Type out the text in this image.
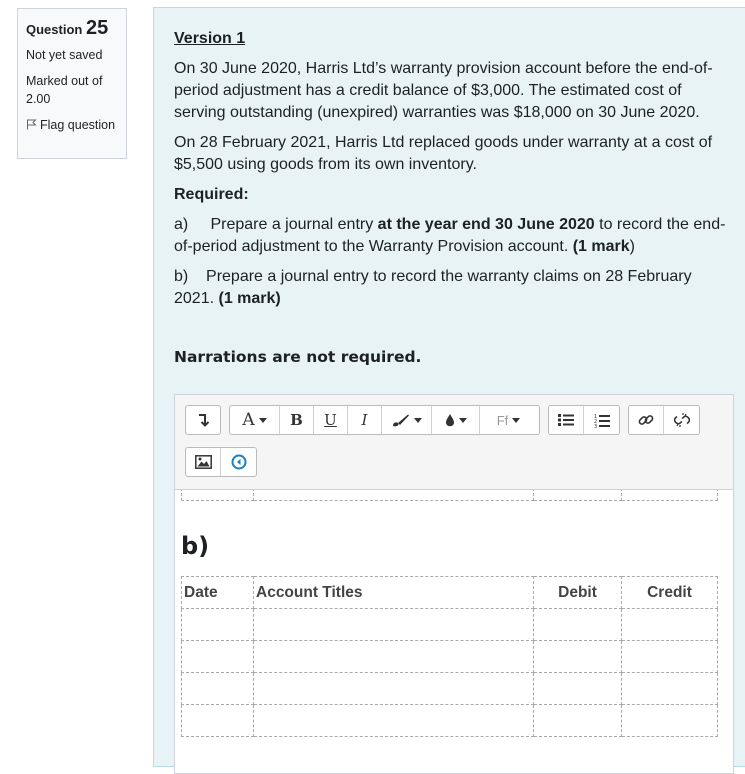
Question 25
Not yet saved
Marked out of 2.00
Flag question
Version 1

On 30 June 2020, Harris Ltd’s warranty provision account before the end-of-period adjustment has a credit balance of $3,000. The estimated cost of serving outstanding (unexpired) warranties was $18,000 on 30 June 2020.

On 28 February 2021, Harris Ltd replaced goods under warranty at a cost of $5,500 using goods from its own inventory.

Required:

a) Prepare a journal entry at the year end 30 June 2020 to record the end-of-period adjustment to the Warranty Provision account. (1 mark)

b) Prepare a journal entry to record the warranty claims on 28 February 2021. (1 mark)

Narrations are not required.
A B U I	Ff	1
2
3

b)
Date	Account Titles	Debit	Credit
